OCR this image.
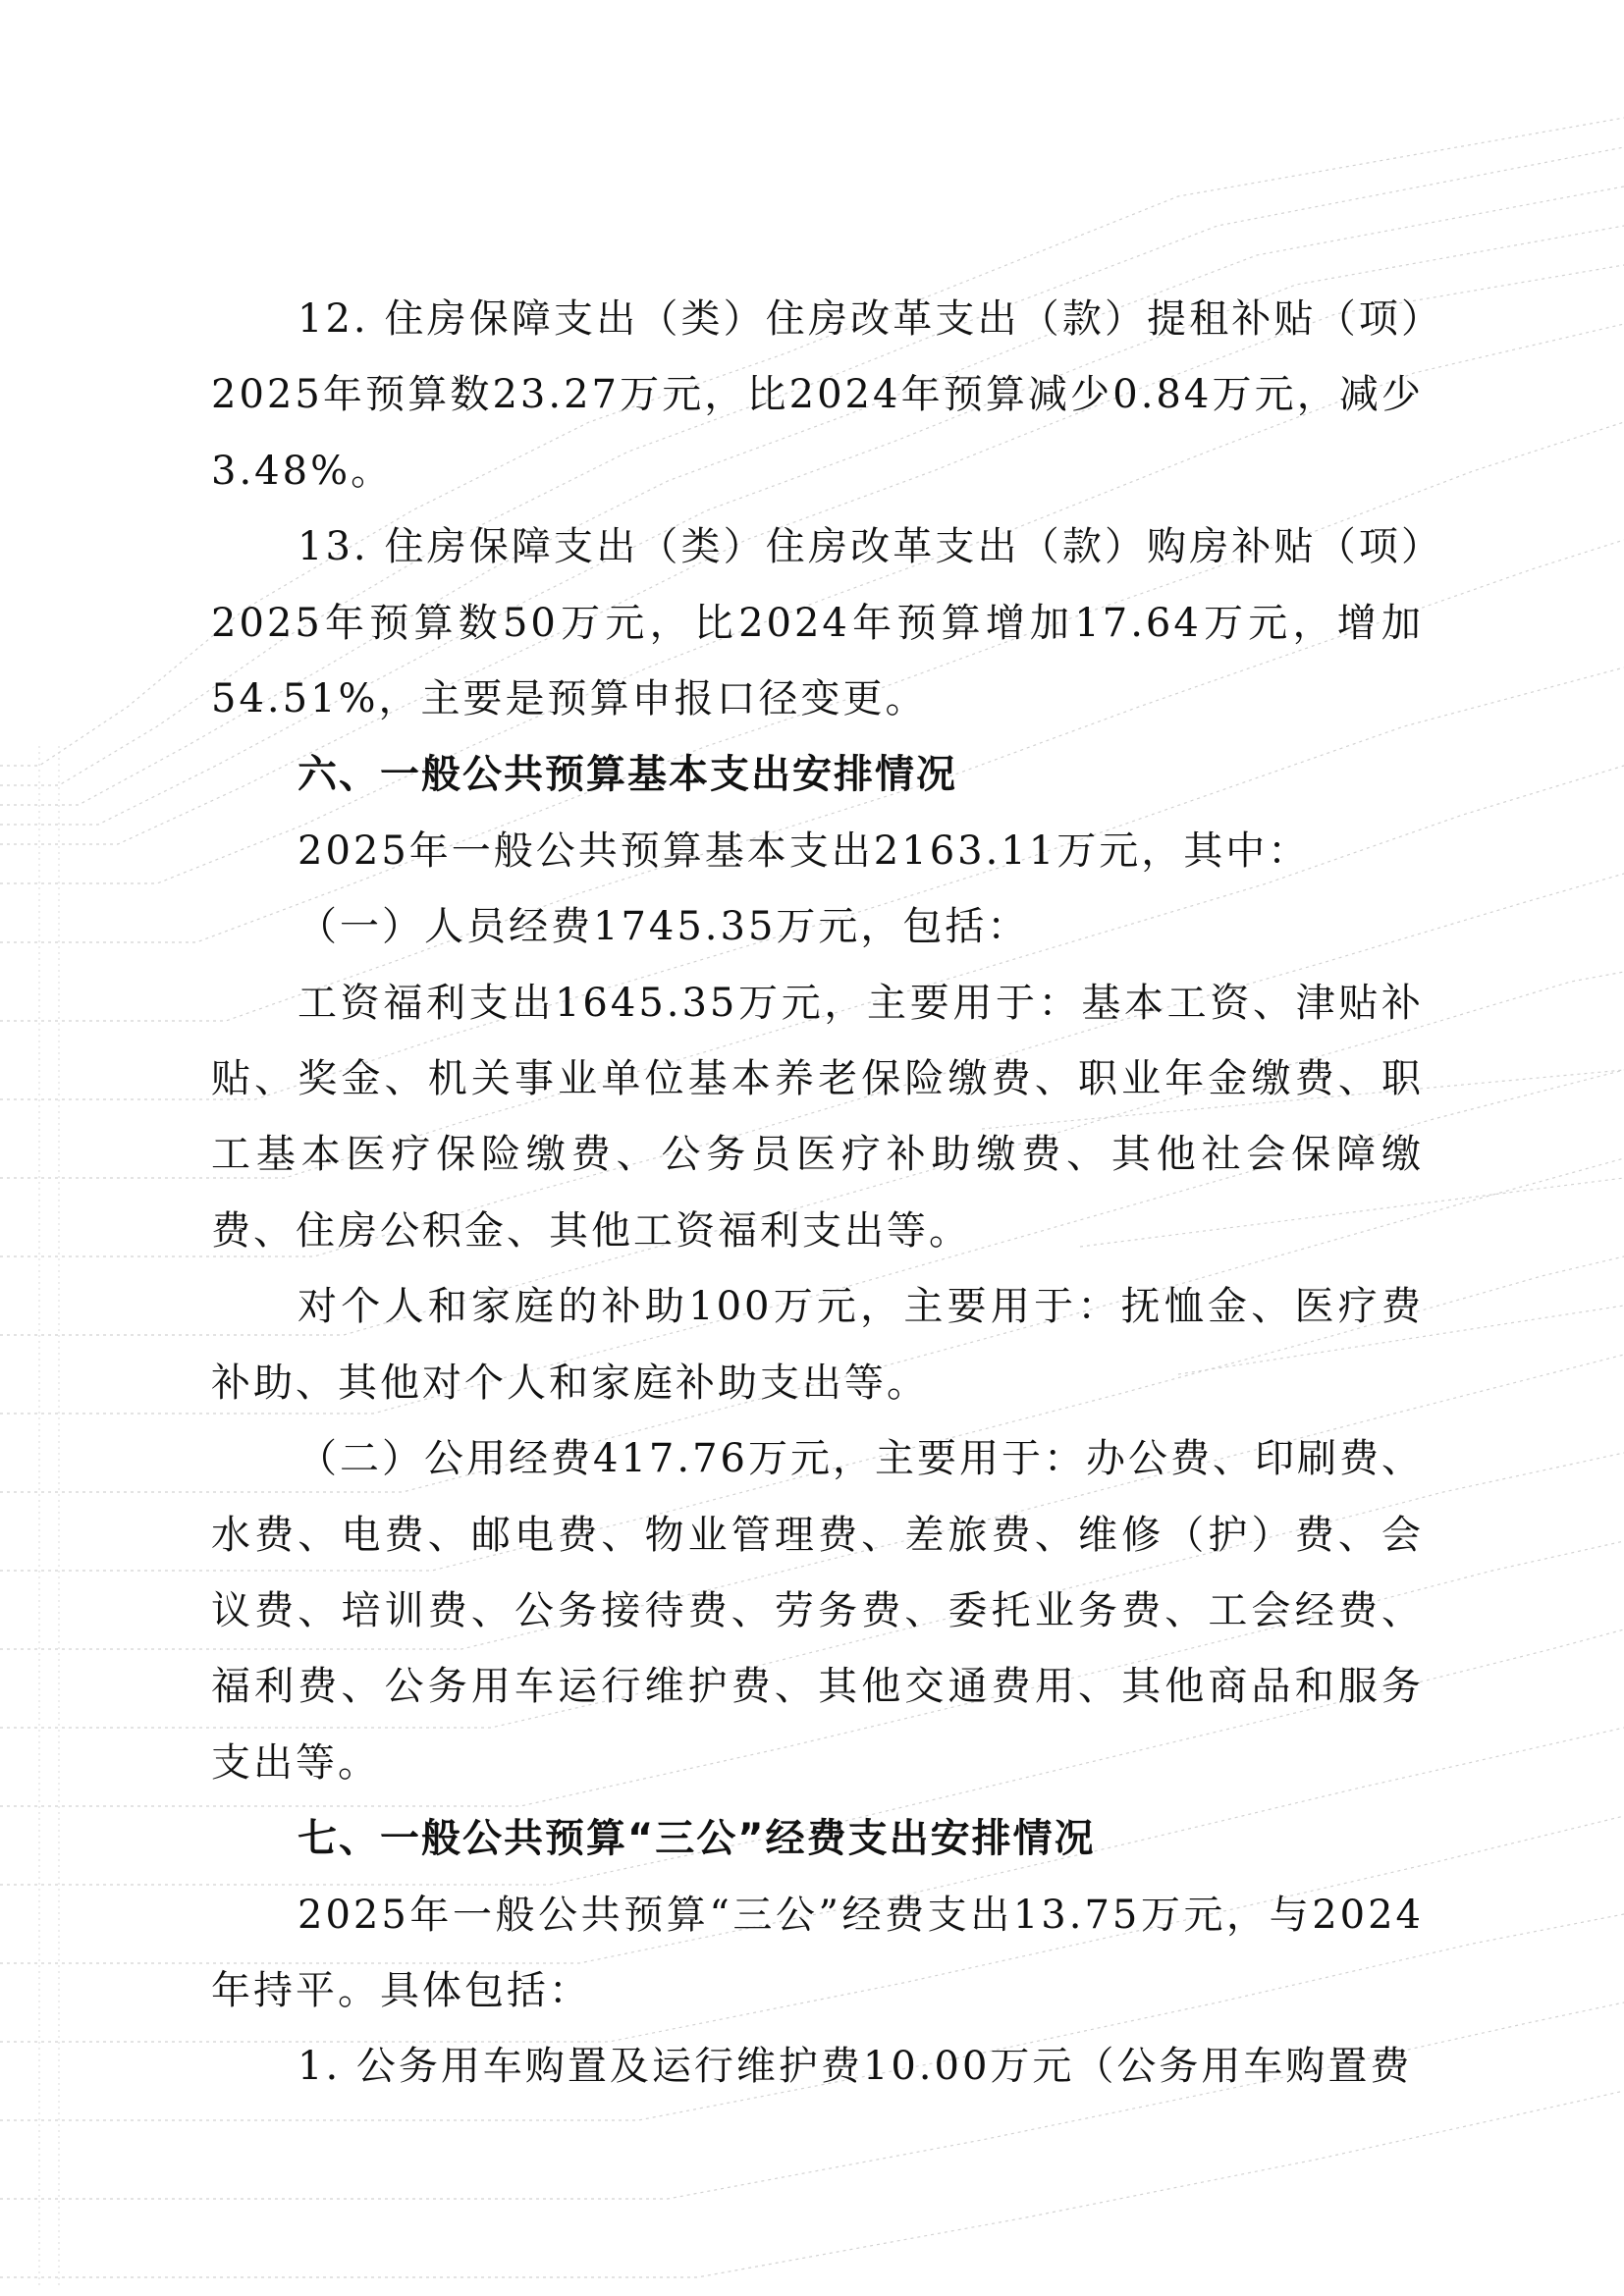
12. 住房保障支出（类）住房改革支出（款）提租补贴（项）2025年预算数23.27万元，比2024年预算减少0.84万元，减少3.48%。

13. 住房保障支出（类）住房改革支出（款）购房补贴（项）2025年预算数50万元，比2024年预算增加17.64万元，增加54.51%，主要是预算申报口径变更。

六、一般公共预算基本支出安排情况

2025年一般公共预算基本支出2163.11万元，其中：

（一）人员经费1745.35万元，包括：

工资福利支出1645.35万元，主要用于：基本工资、津贴补贴、奖金、机关事业单位基本养老保险缴费、职业年金缴费、职工基本医疗保险缴费、公务员医疗补助缴费、其他社会保障缴费、住房公积金、其他工资福利支出等。

对个人和家庭的补助100万元，主要用于：抚恤金、医疗费补助、其他对个人和家庭补助支出等。

（二）公用经费417.76万元，主要用于：办公费、印刷费、水费、电费、邮电费、物业管理费、差旅费、维修（护）费、会议费、培训费、公务接待费、劳务费、委托业务费、工会经费、福利费、公务用车运行维护费、其他交通费用、其他商品和服务支出等。

七、一般公共预算“三公”经费支出安排情况

2025年一般公共预算“三公”经费支出13.75万元，与2024年持平。具体包括：

1. 公务用车购置及运行维护费10.00万元（公务用车购置费
